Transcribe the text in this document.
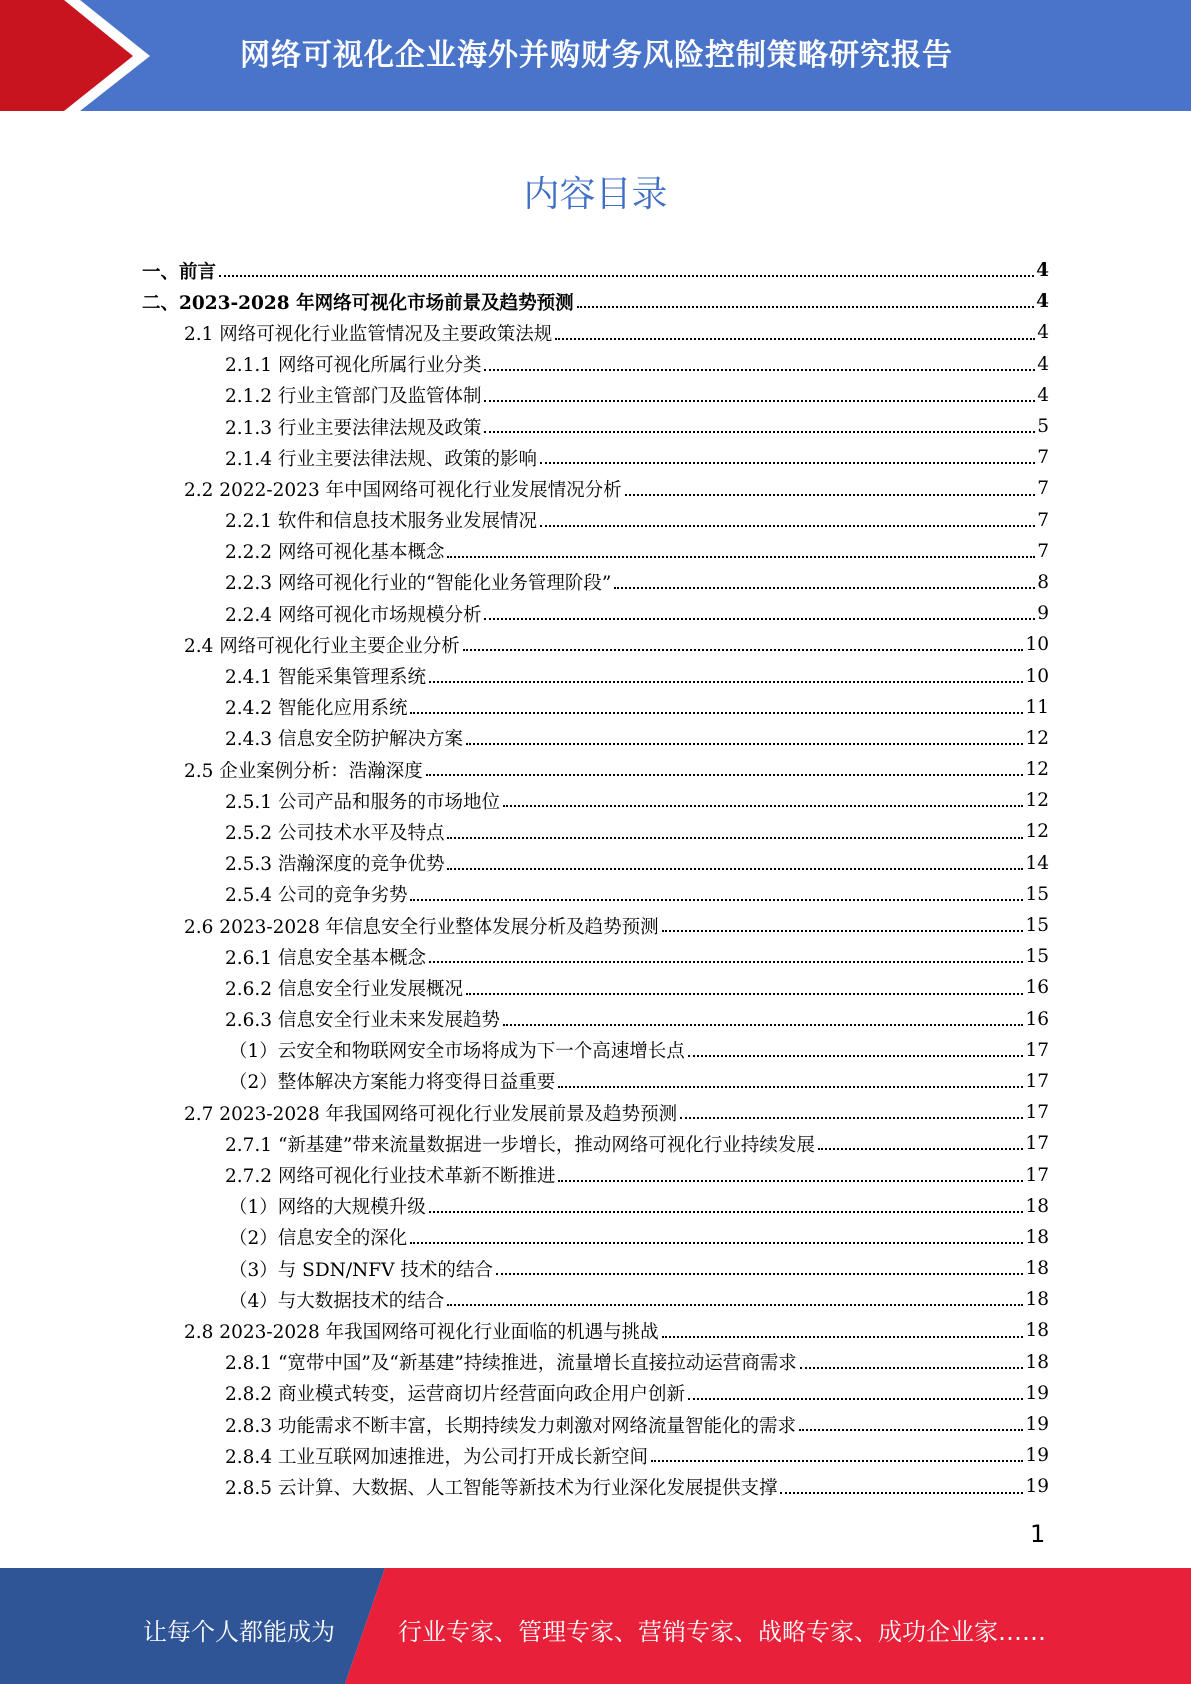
网络可视化企业海外并购财务风险控制策略研究报告
内容目录
一、前言	4
二、2023-2028 年网络可视化市场前景及趋势预测	4
2.1 网络可视化行业监管情况及主要政策法规	4
2.1.1 网络可视化所属行业分类	4
2.1.2 行业主管部门及监管体制	4
2.1.3 行业主要法律法规及政策	5
2.1.4 行业主要法律法规、政策的影响	7
2.2 2022-2023 年中国网络可视化行业发展情况分析	7
2.2.1 软件和信息技术服务业发展情况	7
2.2.2 网络可视化基本概念	7
2.2.3 网络可视化行业的“智能化业务管理阶段”	8
2.2.4 网络可视化市场规模分析	9
2.4 网络可视化行业主要企业分析	10
2.4.1 智能采集管理系统	10
2.4.2 智能化应用系统	11
2.4.3 信息安全防护解决方案	12
2.5 企业案例分析：浩瀚深度	12
2.5.1 公司产品和服务的市场地位	12
2.5.2 公司技术水平及特点	12
2.5.3 浩瀚深度的竞争优势	14
2.5.4 公司的竞争劣势	15
2.6 2023-2028 年信息安全行业整体发展分析及趋势预测	15
2.6.1 信息安全基本概念	15
2.6.2 信息安全行业发展概况	16
2.6.3 信息安全行业未来发展趋势	16
（1）云安全和物联网安全市场将成为下一个高速增长点	17
（2）整体解决方案能力将变得日益重要	17
2.7 2023-2028 年我国网络可视化行业发展前景及趋势预测	17
2.7.1 “新基建”带来流量数据进一步增长，推动网络可视化行业持续发展	17
2.7.2 网络可视化行业技术革新不断推进	17
（1）网络的大规模升级	18
（2）信息安全的深化	18
（3）与 SDN/NFV 技术的结合	18
（4）与大数据技术的结合	18
2.8 2023-2028 年我国网络可视化行业面临的机遇与挑战	18
2.8.1 “宽带中国”及“新基建”持续推进，流量增长直接拉动运营商需求	18
2.8.2 商业模式转变，运营商切片经营面向政企用户创新	19
2.8.3 功能需求不断丰富，长期持续发力刺激对网络流量智能化的需求	19
2.8.4 工业互联网加速推进，为公司打开成长新空间	19
2.8.5 云计算、大数据、人工智能等新技术为行业深化发展提供支撑	19
1
让每个人都能成为	行业专家、管理专家、营销专家、战略专家、成功企业家……
